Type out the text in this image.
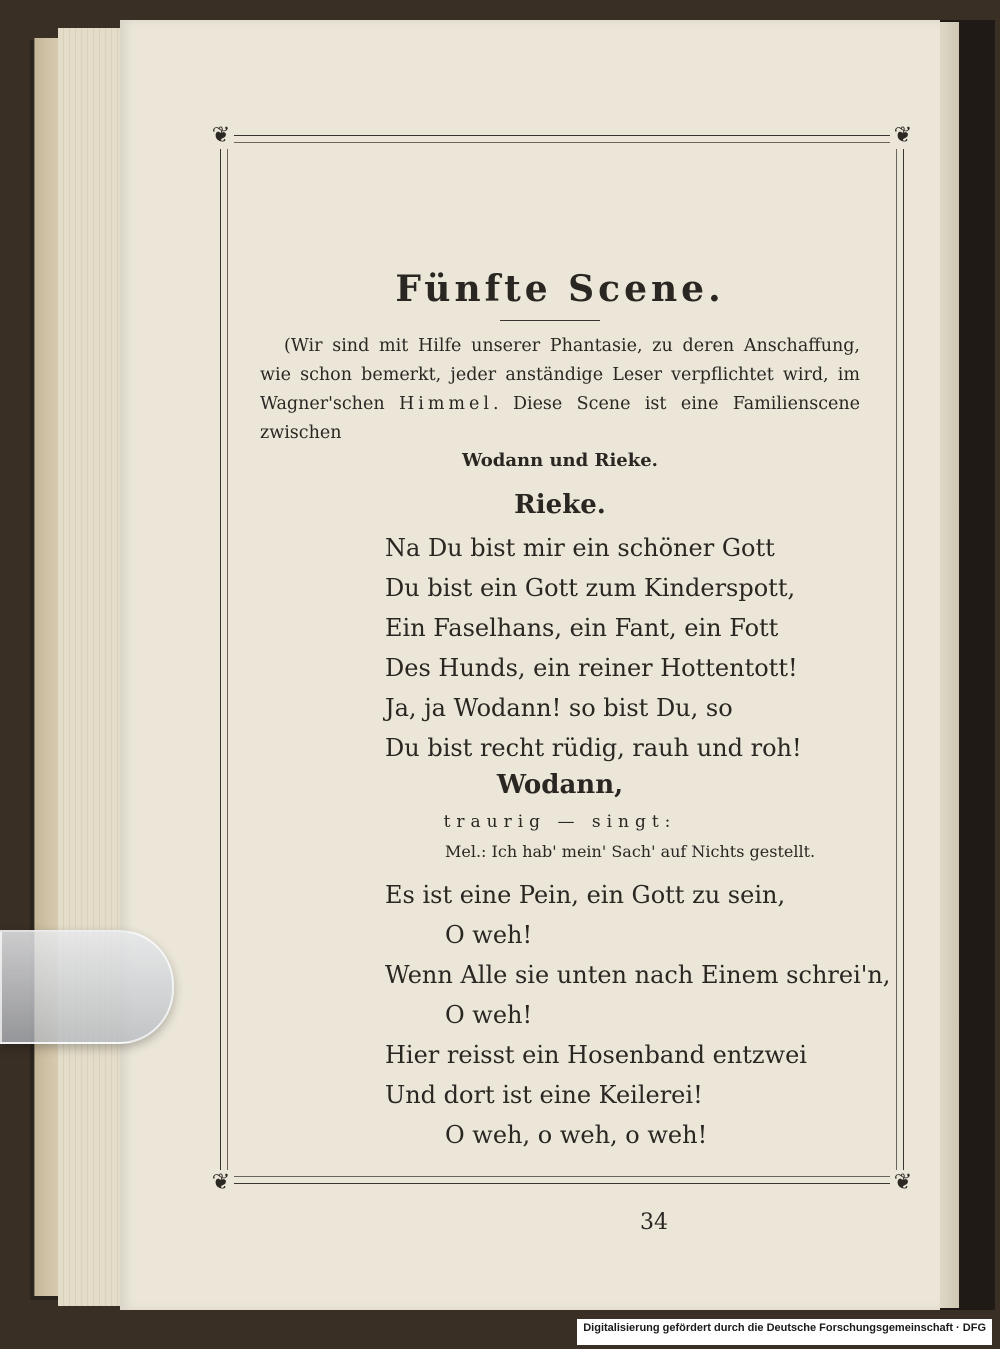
❦	❦
❦	❦
Fünfte Scene.

(Wir sind mit Hilfe unserer Phantasie, zu deren Anschaffung, wie schon bemerkt, jeder anständige Leser verpflichtet wird, im Wagner'schen Himmel. Diese Scene ist eine Familienscene zwischen

Wodann und Rieke.
Rieke.
Na Du bist mir ein schöner Gott
Du bist ein Gott zum Kinderspott,
Ein Faselhans, ein Fant, ein Fott
Des Hunds, ein reiner Hottentott!
Ja, ja Wodann! so bist Du, so
Du bist recht rüdig, rauh und roh!
Wodann,
traurig — singt:
Mel.: Ich hab' mein' Sach' auf Nichts gestellt.
Es ist eine Pein, ein Gott zu sein,
O weh!
Wenn Alle sie unten nach Einem schrei'n,
O weh!
Hier reisst ein Hosenband entzwei
Und dort ist eine Keilerei!
O weh, o weh, o weh!
34
Digitalisierung gefördert durch die Deutsche Forschungsgemeinschaft · DFG
